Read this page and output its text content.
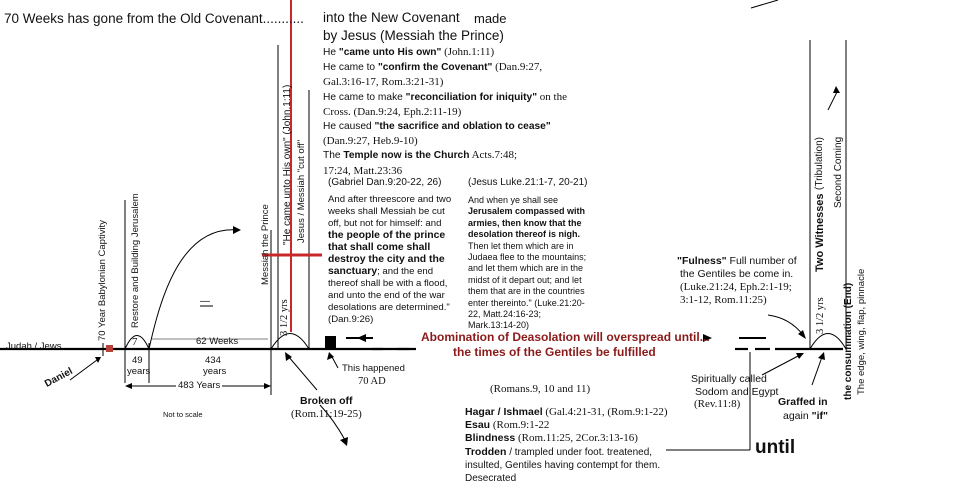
70 Weeks has gone from the Old Covenant........... into the New Covenant made
by Jesus (Messiah the Prince)
He "came unto His own" (John.1:11)
He came to "confirm the Covenant" (Dan.9:27,
Gal.3:16-17, Rom.3:21-31)
He came to make "reconciliation for iniquity" on the
Cross. (Dan.9:24, Eph.2:11-19)
He caused "the sacrifice and oblation to cease"
(Dan.9:27, Heb.9-10)
The Temple now is the Church Acts.7:48;
17:24, Matt.23:36
(Gabriel Dan.9:20-22, 26)
And after threescore and two weeks shall Messiah be cut off, but not for himself: and the people of the prince that shall come shall destroy the city and the sanctuary; and the end thereof shall be with a flood, and unto the end of the war desolations are determined." (Dan.9:26)
(Jesus Luke.21:1-7, 20-21)
And when ye shall see Jerusalem compassed with armies, then know that the desolation thereof is nigh. Then let them which are in Judaea flee to the mountains; and let them which are in the midst of it depart out; and let them that are in the countries enter thereinto." (Luke.21:20-22, Matt.24:16-23; Mark.13:14-20)
"Fulness" Full number of
the Gentiles be come in.
(Luke.21:24, Eph.2:1-19;
3:1-12, Rom.11:25)
70 Year Babylonian Captivity Restore and Building Jerusalem	Messiah the Prince "He came unto His own" (John.1:11) Jesus / Messiah "cut off"
3 1/2 yrs
Two Witnesses
(Tribulation) Second Coming
3 1/2 yrs the consummation (End) The edge, wing, flap, pinnacle
Judah / Jews
Daniel
7	62 Weeks
49
years
434
years
483 Years
Not to scale
Abomination of Deasolation will overspread until...
the times of the Gentiles be fulfilled
This happened
70 AD
Broken off
(Rom.11:19-25)
(Romans.9, 10 and 11)
Hagar / Ishmael (Gal.4:21-31, (Rom.9:1-22)
Esau (Rom.9:1-22
Blindness (Rom.11:25, 2Cor.3:13-16)
Trodden / trampled under foot. treatened,
insulted, Gentiles having contempt for them.
Desecrated
Spiritually called
Sodom and Egypt
(Rev.11:8)	Graffed in
again "if"
until
—
